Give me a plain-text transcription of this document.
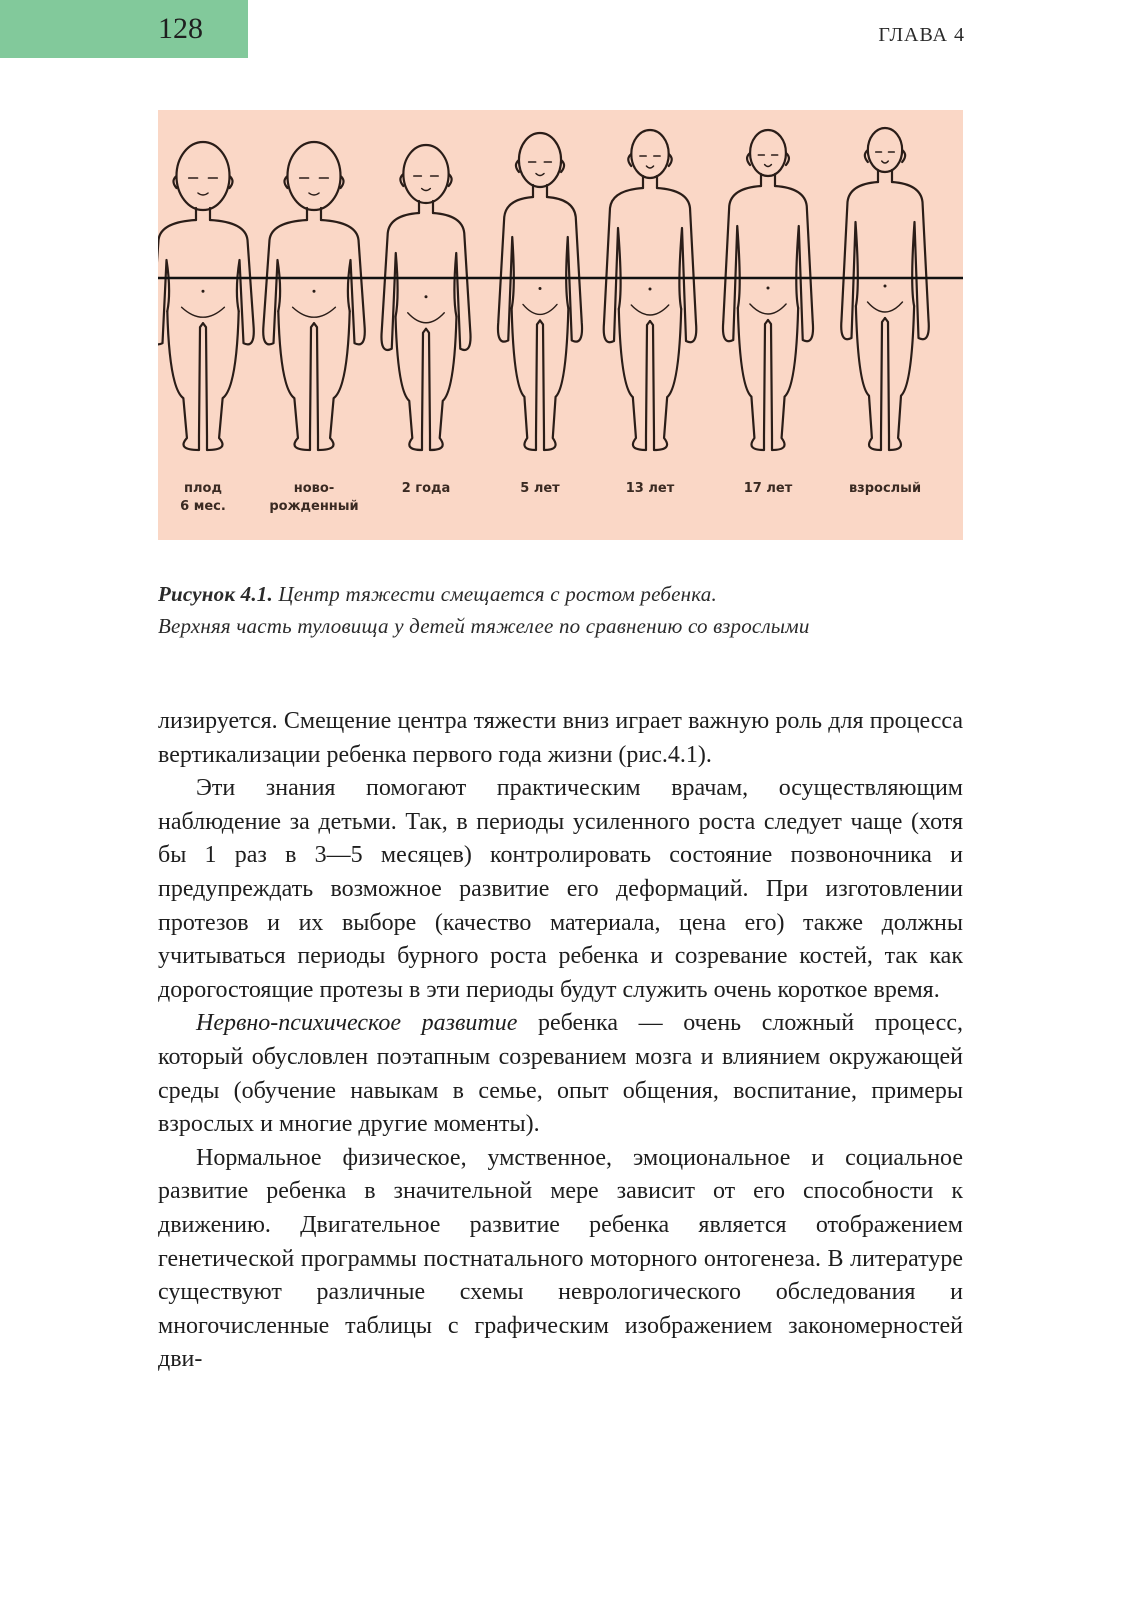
128	ГЛАВА 4
плод
6 мес.
ново-
рожденный
2 года	5 лет	13 лет	17 лет	взрослый
Рисунок 4.1. Центр тяжести смещается с ростом ребенка.
Верхняя часть туловища у детей тяжелее по сравнению со взрослыми

лизируется. Смещение центра тяжести вниз играет важную роль для процесса вертикализации ребенка первого года жизни (рис.4.1).

Эти знания помогают практическим врачам, осуществляющим наблюдение за детьми. Так, в периоды усиленного роста следует чаще (хотя бы 1 раз в 3—5 месяцев) контролировать состояние позвоночника и предупреждать возможное развитие его деформаций. При изготовлении протезов и их выборе (качество материала, цена его) также должны учитываться периоды бурного роста ребенка и созревание костей, так как дорогостоящие протезы в эти периоды будут служить очень короткое время.

Нервно-психическое развитие ребенка — очень сложный процесс, который обусловлен поэтапным созреванием мозга и влиянием окружающей среды (обучение навыкам в семье, опыт общения, воспитание, примеры взрослых и многие другие моменты).

Нормальное физическое, умственное, эмоциональное и социальное развитие ребенка в значительной мере зависит от его способности к движению. Двигательное развитие ребенка является отображением генетической программы постнатального моторного онтогенеза. В литературе существуют различные схемы неврологического обследования и многочисленные таблицы с графическим изображением закономерностей дви-
